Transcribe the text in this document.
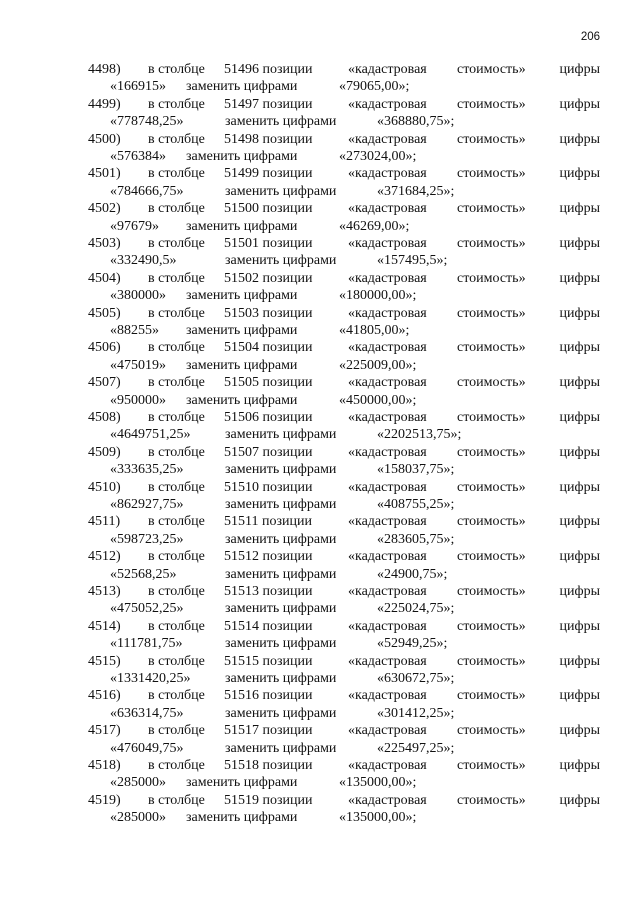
206
4498) в столбце 51496 позиции	«кадастровая стоимость» цифры
«166915» заменить цифрами	«79065,00»;
4499) в столбце 51497 позиции	«кадастровая стоимость» цифры
«778748,25»	заменить цифрами	«368880,75»;
4500) в столбце 51498 позиции	«кадастровая стоимость» цифры
«576384» заменить цифрами	«273024,00»;
4501) в столбце 51499 позиции	«кадастровая стоимость» цифры
«784666,75»	заменить цифрами	«371684,25»;
4502) в столбце 51500 позиции	«кадастровая стоимость» цифры
«97679» заменить цифрами	«46269,00»;
4503) в столбце 51501 позиции	«кадастровая стоимость» цифры
«332490,5»	заменить цифрами	«157495,5»;
4504) в столбце 51502 позиции	«кадастровая стоимость» цифры
«380000» заменить цифрами	«180000,00»;
4505) в столбце 51503 позиции	«кадастровая стоимость» цифры
«88255» заменить цифрами	«41805,00»;
4506) в столбце 51504 позиции	«кадастровая стоимость» цифры
«475019» заменить цифрами	«225009,00»;
4507) в столбце 51505 позиции	«кадастровая стоимость» цифры
«950000» заменить цифрами	«450000,00»;
4508) в столбце 51506 позиции	«кадастровая стоимость» цифры
«4649751,25» заменить цифрами	«2202513,75»;
4509) в столбце 51507 позиции	«кадастровая стоимость» цифры
«333635,25»	заменить цифрами	«158037,75»;
4510) в столбце 51510 позиции	«кадастровая стоимость» цифры
«862927,75»	заменить цифрами	«408755,25»;
4511) в столбце 51511 позиции	«кадастровая стоимость» цифры
«598723,25»	заменить цифрами	«283605,75»;
4512) в столбце 51512 позиции	«кадастровая стоимость» цифры
«52568,25»	заменить цифрами	«24900,75»;
4513) в столбце 51513 позиции	«кадастровая стоимость» цифры
«475052,25»	заменить цифрами	«225024,75»;
4514) в столбце 51514 позиции	«кадастровая стоимость» цифры
«111781,75»	заменить цифрами	«52949,25»;
4515) в столбце 51515 позиции	«кадастровая стоимость» цифры
«1331420,25» заменить цифрами	«630672,75»;
4516) в столбце 51516 позиции	«кадастровая стоимость» цифры
«636314,75»	заменить цифрами	«301412,25»;
4517) в столбце 51517 позиции	«кадастровая стоимость» цифры
«476049,75»	заменить цифрами	«225497,25»;
4518) в столбце 51518 позиции	«кадастровая стоимость» цифры
«285000» заменить цифрами	«135000,00»;
4519) в столбце 51519 позиции	«кадастровая стоимость» цифры
«285000» заменить цифрами	«135000,00»;
